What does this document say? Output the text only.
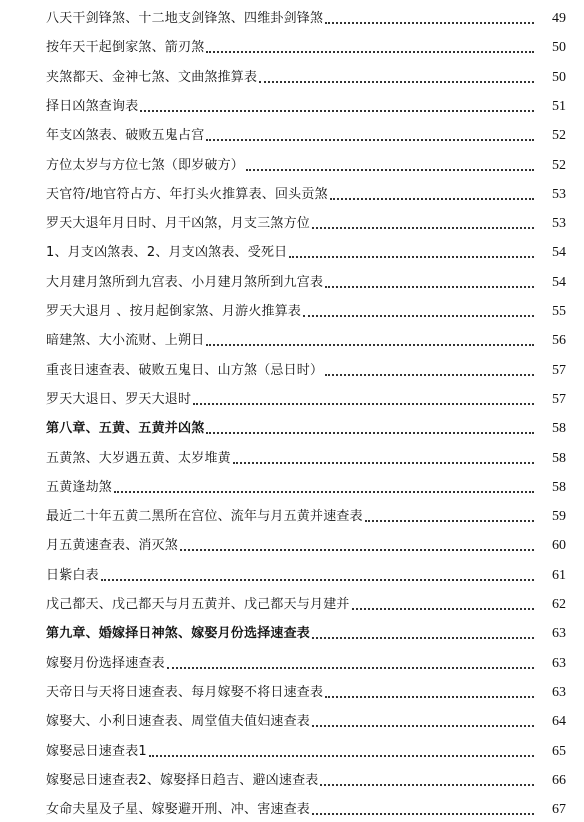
八天干剑锋煞、十二地支剑锋煞、四维卦剑锋煞	49
按年天干起倒家煞、箭刃煞	50
夹煞都天、金神七煞、文曲煞推算表	50
择日凶煞查询表	51
年支凶煞表、破败五鬼占宫	52
方位太岁与方位七煞（即岁破方）	52
天官符/地官符占方、年打头火推算表、回头贡煞	53
罗天大退年月日时、月干凶煞，月支三煞方位	53
1、月支凶煞表、2、月支凶煞表、受死日	54
大月建月煞所到九宫表、小月建月煞所到九宫表	54
罗天大退月 、按月起倒家煞、月游火推算表	55
暗建煞、大小流财、上朔日	56
重丧日速查表、破败五鬼日、山方煞（忌日时）	57
罗天大退日、罗天大退时	57
第八章、五黄、五黄并凶煞	58
五黄煞、大岁遇五黄、太岁堆黄	58
五黄逢劫煞	58
最近二十年五黄二黑所在宫位、流年与月五黄并速查表	59
月五黄速查表、消灭煞	60
日紫白表	61
戊己都天、戊己都天与月五黄并、戊己都天与月建并	62
第九章、婚嫁择日神煞、嫁娶月份选择速查表	63
嫁娶月份选择速查表	63
天帝日与天将日速查表、每月嫁娶不将日速查表	63
嫁娶大、小利日速查表、周堂值夫值妇速查表	64
嫁娶忌日速查表1	65
嫁娶忌日速查表2、嫁娶择日趋吉、避凶速查表	66
女命夫星及子星、嫁娶避开刑、冲、害速查表	67
